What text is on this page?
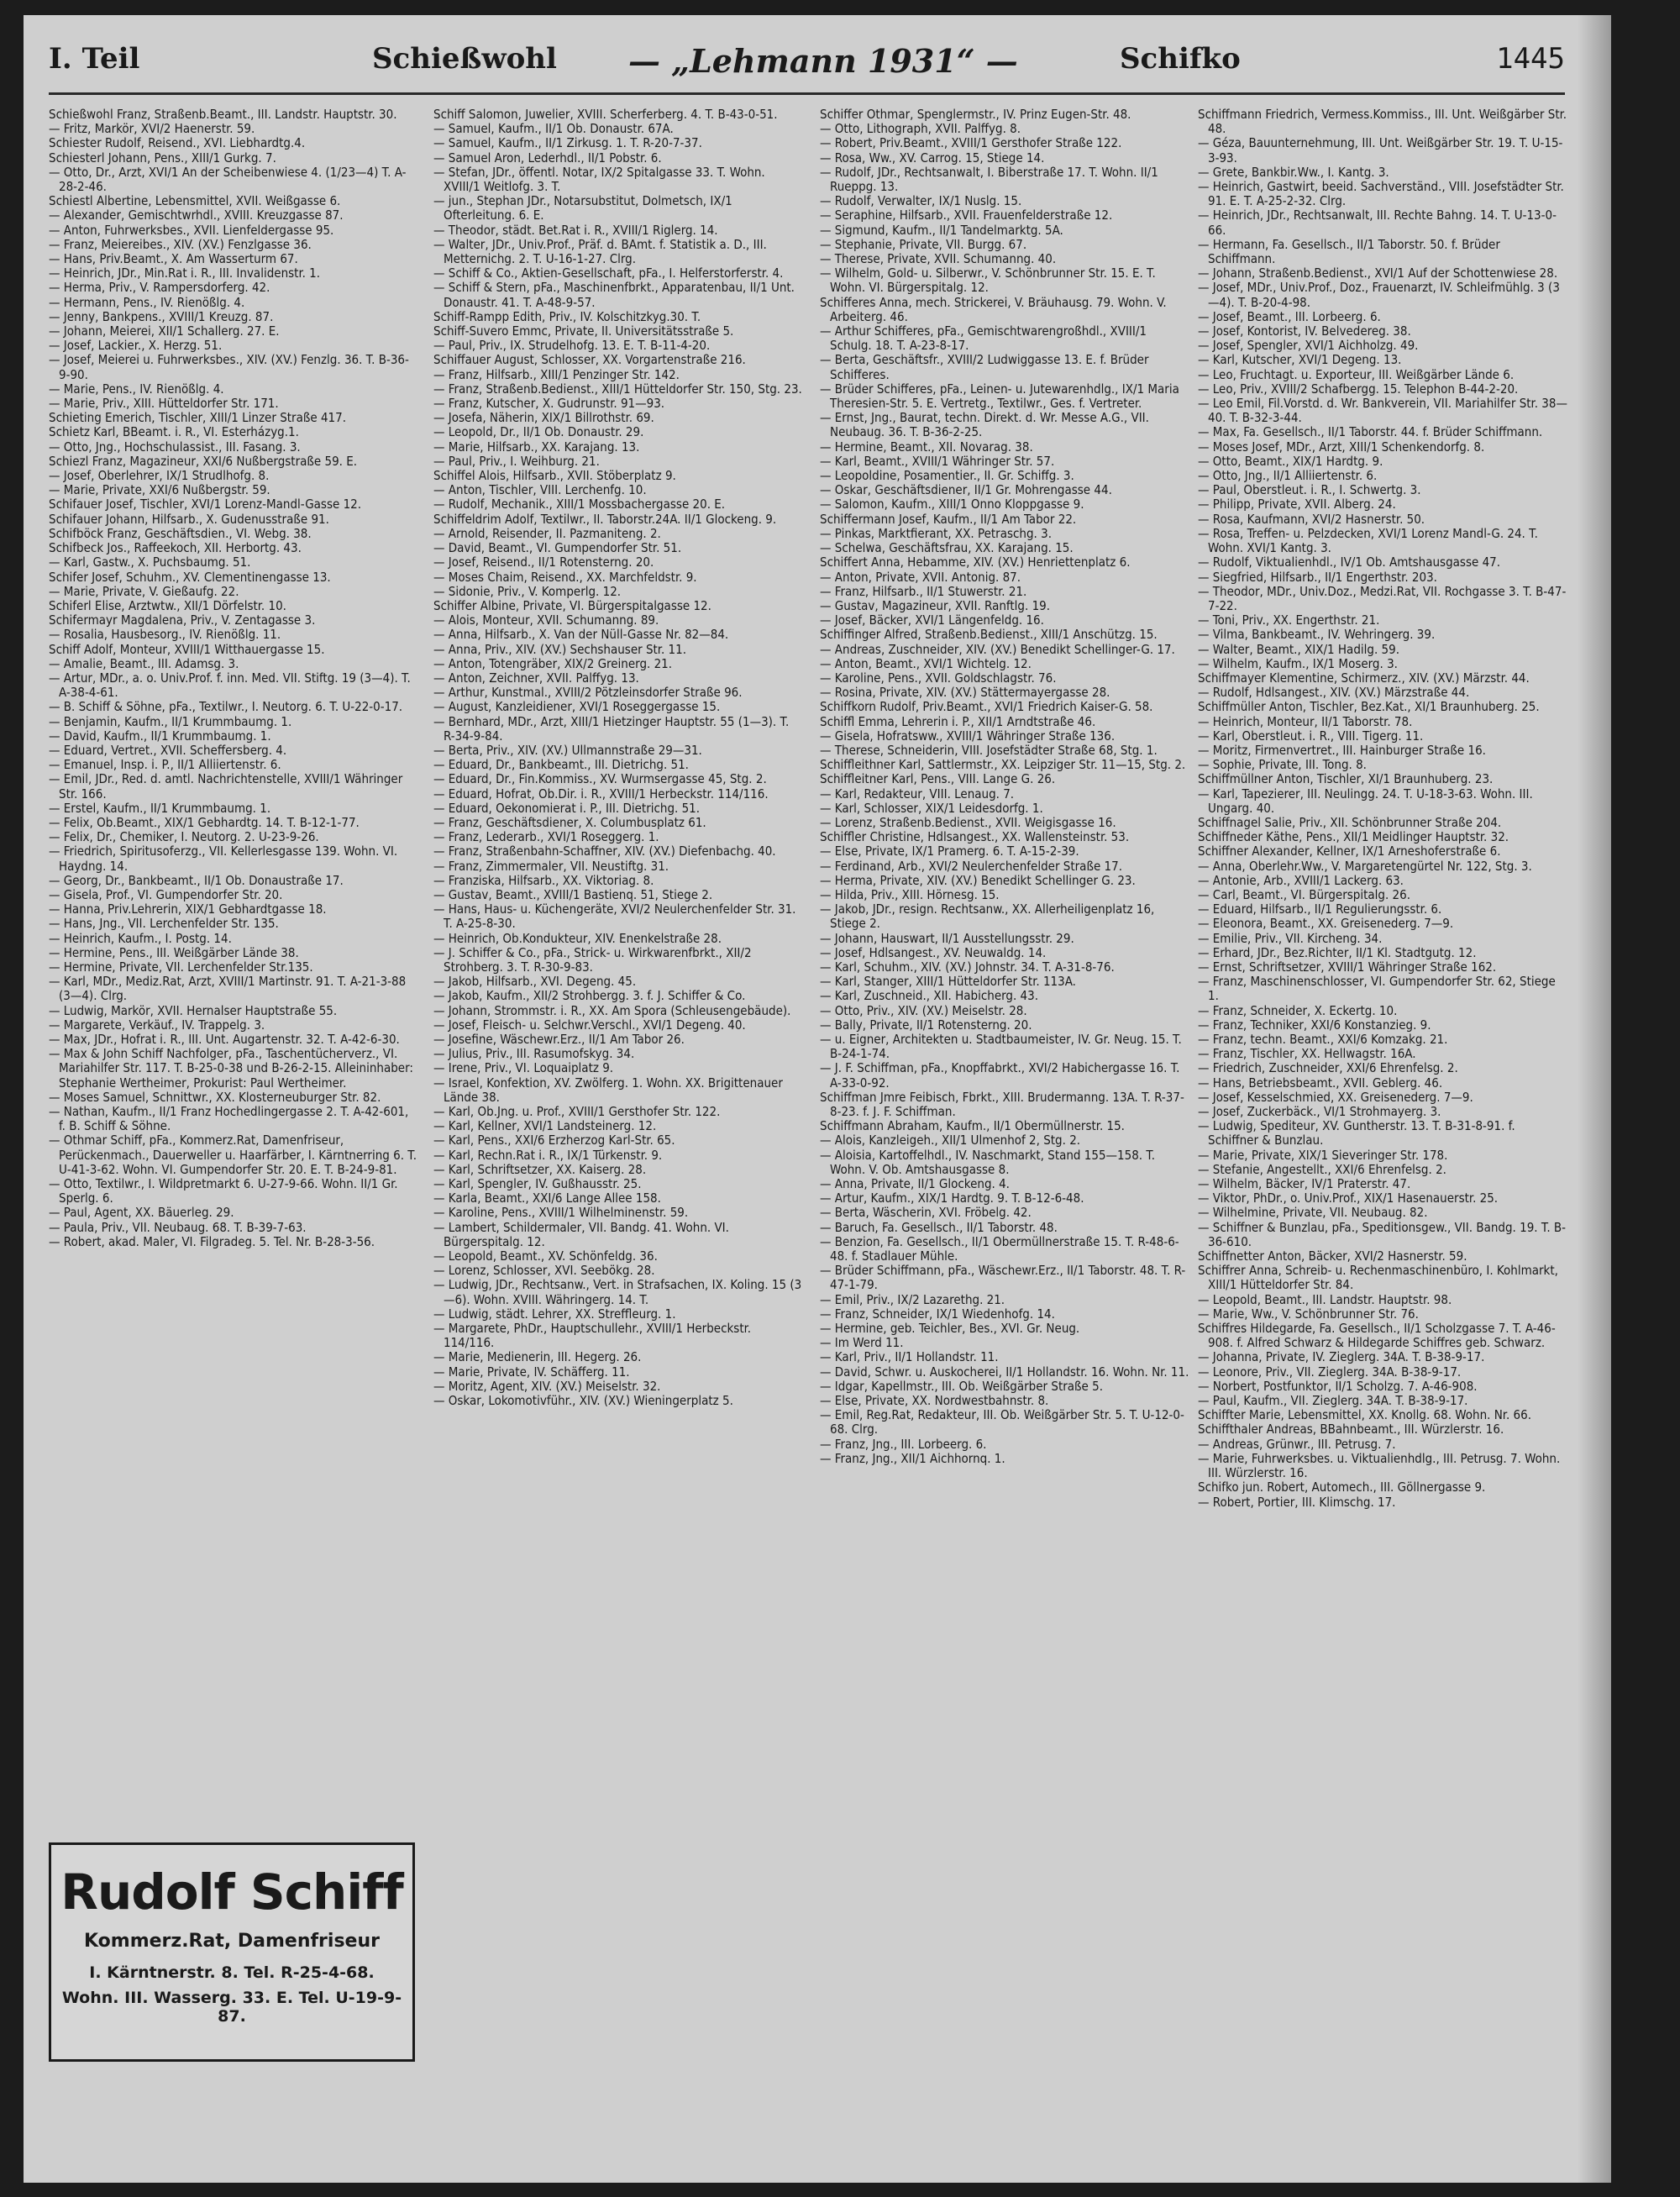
I. Teil	Schießwohl — „Lehmann 1931“ —	Schifko	1445

Schießwohl Franz, Straßenb.Beamt., III. Landstr. Hauptstr. 30.

— Fritz, Markör, XVI/2 Haenerstr. 59.

Schiester Rudolf, Reisend., XVI. Liebhardtg.4.

Schiesterl Johann, Pens., XIII/1 Gurkg. 7.

— Otto, Dr., Arzt, XVI/1 An der Scheibenwiese 4. (1/23—4) T. A-28-2-46.

Schiestl Albertine, Lebensmittel, XVII. Weißgasse 6.

— Alexander, Gemischtwrhdl., XVIII. Kreuzgasse 87.

— Anton, Fuhrwerksbes., XVII. Lienfeldergasse 95.

— Franz, Meiereibes., XIV. (XV.) Fenzlgasse 36.

— Hans, Priv.Beamt., X. Am Wasserturm 67.

— Heinrich, JDr., Min.Rat i. R., III. Invalidenstr. 1.

— Herma, Priv., V. Rampersdorferg. 42.

— Hermann, Pens., IV. Rienößlg. 4.

— Jenny, Bankpens., XVIII/1 Kreuzg. 87.

— Johann, Meierei, XII/1 Schallerg. 27. E.

— Josef, Lackier., X. Herzg. 51.

— Josef, Meierei u. Fuhrwerksbes., XIV. (XV.) Fenzlg. 36. T. B-36-9-90.

— Marie, Pens., IV. Rienößlg. 4.

— Marie, Priv., XIII. Hütteldorfer Str. 171.

Schieting Emerich, Tischler, XIII/1 Linzer Straße 417.

Schietz Karl, BBeamt. i. R., VI. Esterházyg.1.

— Otto, Jng., Hochschulassist., III. Fasang. 3.

Schiezl Franz, Magazineur, XXI/6 Nußbergstraße 59. E.

— Josef, Oberlehrer, IX/1 Strudlhofg. 8.

— Marie, Private, XXI/6 Nußbergstr. 59.

Schifauer Josef, Tischler, XVI/1 Lorenz-Mandl-Gasse 12.

Schifauer Johann, Hilfsarb., X. Gudenusstraße 91.

Schifböck Franz, Geschäftsdien., VI. Webg. 38.

Schifbeck Jos., Raffeekoch, XII. Herbortg. 43.

— Karl, Gastw., X. Puchsbaumg. 51.

Schifer Josef, Schuhm., XV. Clementinengasse 13.

— Marie, Private, V. Gießaufg. 22.

Schiferl Elise, Arztwtw., XII/1 Dörfelstr. 10.

Schifermayr Magdalena, Priv., V. Zentagasse 3.

— Rosalia, Hausbesorg., IV. Rienößlg. 11.

Schiff Adolf, Monteur, XVIII/1 Witthauergasse 15.

— Amalie, Beamt., III. Adamsg. 3.

— Artur, MDr., a. o. Univ.Prof. f. inn. Med. VII. Stiftg. 19 (3—4). T. A-38-4-61.

— B. Schiff & Söhne, pFa., Textilwr., I. Neutorg. 6. T. U-22-0-17.

— Benjamin, Kaufm., II/1 Krummbaumg. 1.

— David, Kaufm., II/1 Krummbaumg. 1.

— Eduard, Vertret., XVII. Scheffersberg. 4.

— Emanuel, Insp. i. P., II/1 Alliiertenstr. 6.

— Emil, JDr., Red. d. amtl. Nachrichtenstelle, XVIII/1 Währinger Str. 166.

— Erstel, Kaufm., II/1 Krummbaumg. 1.

— Felix, Ob.Beamt., XIX/1 Gebhardtg. 14. T. B-12-1-77.

— Felix, Dr., Chemiker, I. Neutorg. 2. U-23-9-26.

— Friedrich, Spiritusoferzg., VII. Kellerlesgasse 139. Wohn. VI. Haydng. 14.

— Georg, Dr., Bankbeamt., II/1 Ob. Donaustraße 17.

— Gisela, Prof., VI. Gumpendorfer Str. 20.

— Hanna, Priv.Lehrerin, XIX/1 Gebhardtgasse 18.

— Hans, Jng., VII. Lerchenfelder Str. 135.

— Heinrich, Kaufm., I. Postg. 14.

— Hermine, Pens., III. Weißgärber Lände 38.

— Hermine, Private, VII. Lerchenfelder Str.135.

— Karl, MDr., Mediz.Rat, Arzt, XVIII/1 Martinstr. 91. T. A-21-3-88 (3—4). Clrg.

— Ludwig, Markör, XVII. Hernalser Hauptstraße 55.

— Margarete, Verkäuf., IV. Trappelg. 3.

— Max, JDr., Hofrat i. R., III. Unt. Augartenstr. 32. T. A-42-6-30.

— Max & John Schiff Nachfolger, pFa., Taschentücherverz., VI. Mariahilfer Str. 117. T. B-25-0-38 und B-26-2-15. Alleininhaber: Stephanie Wertheimer, Prokurist: Paul Wertheimer.

— Moses Samuel, Schnittwr., XX. Klosterneuburger Str. 82.

— Nathan, Kaufm., II/1 Franz Hochedlingergasse 2. T. A-42-601, f. B. Schiff & Söhne.

— Othmar Schiff, pFa., Kommerz.Rat, Damenfriseur, Perückenmach., Dauerweller u. Haarfärber, I. Kärntnerring 6. T. U-41-3-62. Wohn. VI. Gumpendorfer Str. 20. E. T. B-24-9-81.

— Otto, Textilwr., I. Wildpretmarkt 6. U-27-9-66. Wohn. II/1 Gr. Sperlg. 6.

— Paul, Agent, XX. Bäuerleg. 29.

— Paula, Priv., VII. Neubaug. 68. T. B-39-7-63.

— Robert, akad. Maler, VI. Filgradeg. 5. Tel. Nr. B-28-3-56.

Schiff Salomon, Juwelier, XVIII. Scherferberg. 4. T. B-43-0-51.

— Samuel, Kaufm., II/1 Ob. Donaustr. 67A.

— Samuel, Kaufm., II/1 Zirkusg. 1. T. R-20-7-37.

— Samuel Aron, Lederhdl., II/1 Pobstr. 6.

— Stefan, JDr., öffentl. Notar, IX/2 Spitalgasse 33. T. Wohn. XVIII/1 Weitlofg. 3. T.

— jun., Stephan JDr., Notarsubstitut, Dolmetsch, IX/1 Ofterleitung. 6. E.

— Theodor, städt. Bet.Rat i. R., XVIII/1 Riglerg. 14.

— Walter, JDr., Univ.Prof., Präf. d. BAmt. f. Statistik a. D., III. Metternichg. 2. T. U-16-1-27. Clrg.

— Schiff & Co., Aktien-Gesellschaft, pFa., I. Helferstorferstr. 4.

— Schiff & Stern, pFa., Maschinenfbrkt., Apparatenbau, II/1 Unt. Donaustr. 41. T. A-48-9-57.

Schiff-Rampp Edith, Priv., IV. Kolschitzkyg.30. T.

Schiff-Suvero Emmc, Private, II. Universitätsstraße 5.

— Paul, Priv., IX. Strudelhofg. 13. E. T. B-11-4-20.

Schiffauer August, Schlosser, XX. Vorgartenstraße 216.

— Franz, Hilfsarb., XIII/1 Penzinger Str. 142.

— Franz, Straßenb.Bedienst., XIII/1 Hütteldorfer Str. 150, Stg. 23.

— Franz, Kutscher, X. Gudrunstr. 91—93.

— Josefa, Näherin, XIX/1 Billrothstr. 69.

— Leopold, Dr., II/1 Ob. Donaustr. 29.

— Marie, Hilfsarb., XX. Karajang. 13.

— Paul, Priv., I. Weihburg. 21.

Schiffel Alois, Hilfsarb., XVII. Stöberplatz 9.

— Anton, Tischler, VIII. Lerchenfg. 10.

— Rudolf, Mechanik., XIII/1 Mossbachergasse 20. E.

Schiffeldrim Adolf, Textilwr., II. Taborstr.24A. II/1 Glockeng. 9.

— Arnold, Reisender, II. Pazmaniteng. 2.

— David, Beamt., VI. Gumpendorfer Str. 51.

— Josef, Reisend., II/1 Rotensterng. 20.

— Moses Chaim, Reisend., XX. Marchfeldstr. 9.

— Sidonie, Priv., V. Komperlg. 12.

Schiffer Albine, Private, VI. Bürgerspitalgasse 12.

— Alois, Monteur, XVII. Schumanng. 89.

— Anna, Hilfsarb., X. Van der Nüll-Gasse Nr. 82—84.

— Anna, Priv., XIV. (XV.) Sechshauser Str. 11.

— Anton, Totengräber, XIX/2 Greinerg. 21.

— Anton, Zeichner, XVII. Palffyg. 13.

— Arthur, Kunstmal., XVIII/2 Pötzleinsdorfer Straße 96.

— August, Kanzleidiener, XVI/1 Roseggergasse 15.

— Bernhard, MDr., Arzt, XIII/1 Hietzinger Hauptstr. 55 (1—3). T. R-34-9-84.

— Berta, Priv., XIV. (XV.) Ullmannstraße 29—31.

— Eduard, Dr., Bankbeamt., III. Dietrichg. 51.

— Eduard, Dr., Fin.Kommiss., XV. Wurmsergasse 45, Stg. 2.

— Eduard, Hofrat, Ob.Dir. i. R., XVIII/1 Herbeckstr. 114/116.

— Eduard, Oekonomierat i. P., III. Dietrichg. 51.

— Franz, Geschäftsdiener, X. Columbusplatz 61.

— Franz, Lederarb., XVI/1 Roseggerg. 1.

— Franz, Straßenbahn-Schaffner, XIV. (XV.) Diefenbachg. 40.

— Franz, Zimmermaler, VII. Neustiftg. 31.

— Franziska, Hilfsarb., XX. Viktoriag. 8.

— Gustav, Beamt., XVIII/1 Bastienq. 51, Stiege 2.

— Hans, Haus- u. Küchengeräte, XVI/2 Neulerchenfelder Str. 31. T. A-25-8-30.

— Heinrich, Ob.Kondukteur, XIV. Enenkelstraße 28.

— J. Schiffer & Co., pFa., Strick- u. Wirkwarenfbrkt., XII/2 Strohberg. 3. T. R-30-9-83.

— Jakob, Hilfsarb., XVI. Degeng. 45.

— Jakob, Kaufm., XII/2 Strohbergg. 3. f. J. Schiffer & Co.

— Johann, Strommstr. i. R., XX. Am Spora (Schleusengebäude).

— Josef, Fleisch- u. Selchwr.Verschl., XVI/1 Degeng. 40.

— Josefine, Wäschewr.Erz., II/1 Am Tabor 26.

— Julius, Priv., III. Rasumofskyg. 34.

— Irene, Priv., VI. Loquaiplatz 9.

— Israel, Konfektion, XV. Zwölferg. 1. Wohn. XX. Brigittenauer Lände 38.

— Karl, Ob.Jng. u. Prof., XVIII/1 Gersthofer Str. 122.

— Karl, Kellner, XVI/1 Landsteinerg. 12.

— Karl, Pens., XXI/6 Erzherzog Karl-Str. 65.

— Karl, Rechn.Rat i. R., IX/1 Türkenstr. 9.

— Karl, Schriftsetzer, XX. Kaiserg. 28.

— Karl, Spengler, IV. Gußhausstr. 25.

— Karla, Beamt., XXI/6 Lange Allee 158.

— Karoline, Pens., XVIII/1 Wilhelminenstr. 59.

— Lambert, Schildermaler, VII. Bandg. 41. Wohn. VI. Bürgerspitalg. 12.

— Leopold, Beamt., XV. Schönfeldg. 36.

— Lorenz, Schlosser, XVI. Seebökg. 28.

— Ludwig, JDr., Rechtsanw., Vert. in Strafsachen, IX. Koling. 15 (3—6). Wohn. XVIII. Währingerg. 14. T.

— Ludwig, städt. Lehrer, XX. Streffleurg. 1.

— Margarete, PhDr., Hauptschullehr., XVIII/1 Herbeckstr. 114/116.

— Marie, Medienerin, III. Hegerg. 26.

— Marie, Private, IV. Schäfferg. 11.

— Moritz, Agent, XIV. (XV.) Meiselstr. 32.

— Oskar, Lokomotivführ., XIV. (XV.) Wieningerplatz 5.

Schiffer Othmar, Spenglermstr., IV. Prinz Eugen-Str. 48.

— Otto, Lithograph, XVII. Palffyg. 8.

— Robert, Priv.Beamt., XVIII/1 Gersthofer Straße 122.

— Rosa, Ww., XV. Carrog. 15, Stiege 14.

— Rudolf, JDr., Rechtsanwalt, I. Biberstraße 17. T. Wohn. II/1 Rueppg. 13.

— Rudolf, Verwalter, IX/1 Nuslg. 15.

— Seraphine, Hilfsarb., XVII. Frauenfelderstraße 12.

— Sigmund, Kaufm., II/1 Tandelmarktg. 5A.

— Stephanie, Private, VII. Burgg. 67.

— Therese, Private, XVII. Schumanng. 40.

— Wilhelm, Gold- u. Silberwr., V. Schönbrunner Str. 15. E. T. Wohn. VI. Bürgerspitalg. 12.

Schifferes Anna, mech. Strickerei, V. Bräuhausg. 79. Wohn. V. Arbeiterg. 46.

— Arthur Schifferes, pFa., Gemischtwarengroßhdl., XVIII/1 Schulg. 18. T. A-23-8-17.

— Berta, Geschäftsfr., XVIII/2 Ludwiggasse 13. E. f. Brüder Schifferes.

— Brüder Schifferes, pFa., Leinen- u. Jutewarenhdlg., IX/1 Maria Theresien-Str. 5. E. Vertretg., Textilwr., Ges. f. Vertreter.

— Ernst, Jng., Baurat, techn. Direkt. d. Wr. Messe A.G., VII. Neubaug. 36. T. B-36-2-25.

— Hermine, Beamt., XII. Novarag. 38.

— Karl, Beamt., XVIII/1 Währinger Str. 57.

— Leopoldine, Posamentier., II. Gr. Schiffg. 3.

— Oskar, Geschäftsdiener, II/1 Gr. Mohrengasse 44.

— Salomon, Kaufm., XIII/1 Onno Kloppgasse 9.

Schiffermann Josef, Kaufm., II/1 Am Tabor 22.

— Pinkas, Marktfierant, XX. Petraschg. 3.

— Schelwa, Geschäftsfrau, XX. Karajang. 15.

Schiffert Anna, Hebamme, XIV. (XV.) Henriettenplatz 6.

— Anton, Private, XVII. Antonig. 87.

— Franz, Hilfsarb., II/1 Stuwerstr. 21.

— Gustav, Magazineur, XVII. Ranftlg. 19.

— Josef, Bäcker, XVI/1 Längenfeldg. 16.

Schiffinger Alfred, Straßenb.Bedienst., XIII/1 Anschützg. 15.

— Andreas, Zuschneider, XIV. (XV.) Benedikt Schellinger-G. 17.

— Anton, Beamt., XVI/1 Wichtelg. 12.

— Karoline, Pens., XVII. Goldschlagstr. 76.

— Rosina, Private, XIV. (XV.) Stättermayergasse 28.

Schiffkorn Rudolf, Priv.Beamt., XVI/1 Friedrich Kaiser-G. 58.

Schiffl Emma, Lehrerin i. P., XII/1 Arndtstraße 46.

— Gisela, Hofratsww., XVIII/1 Währinger Straße 136.

— Therese, Schneiderin, VIII. Josefstädter Straße 68, Stg. 1.

Schiffleithner Karl, Sattlermstr., XX. Leipziger Str. 11—15, Stg. 2.

Schiffleitner Karl, Pens., VIII. Lange G. 26.

— Karl, Redakteur, VIII. Lenaug. 7.

— Karl, Schlosser, XIX/1 Leidesdorfg. 1.

— Lorenz, Straßenb.Bedienst., XVII. Weigisgasse 16.

Schiffler Christine, Hdlsangest., XX. Wallensteinstr. 53.

— Else, Private, IX/1 Pramerg. 6. T. A-15-2-39.

— Ferdinand, Arb., XVI/2 Neulerchenfelder Straße 17.

— Herma, Private, XIV. (XV.) Benedikt Schellinger G. 23.

— Hilda, Priv., XIII. Hörnesg. 15.

— Jakob, JDr., resign. Rechtsanw., XX. Allerheiligenplatz 16, Stiege 2.

— Johann, Hauswart, II/1 Ausstellungsstr. 29.

— Josef, Hdlsangest., XV. Neuwaldg. 14.

— Karl, Schuhm., XIV. (XV.) Johnstr. 34. T. A-31-8-76.

— Karl, Stanger, XIII/1 Hütteldorfer Str. 113A.

— Karl, Zuschneid., XII. Habicherg. 43.

— Otto, Priv., XIV. (XV.) Meiselstr. 28.

— Bally, Private, II/1 Rotensterng. 20.

— u. Eigner, Architekten u. Stadtbaumeister, IV. Gr. Neug. 15. T. B-24-1-74.

— J. F. Schiffman, pFa., Knopffabrkt., XVI/2 Habichergasse 16. T. A-33-0-92.

Schiffman Jmre Feibisch, Fbrkt., XIII. Brudermanng. 13A. T. R-37-8-23. f. J. F. Schiffman.

Schiffmann Abraham, Kaufm., II/1 Obermüllnerstr. 15.

— Alois, Kanzleigeh., XII/1 Ulmenhof 2, Stg. 2.

— Aloisia, Kartoffelhdl., IV. Naschmarkt, Stand 155—158. T. Wohn. V. Ob. Amtshausgasse 8.

— Anna, Private, II/1 Glockeng. 4.

— Artur, Kaufm., XIX/1 Hardtg. 9. T. B-12-6-48.

— Berta, Wäscherin, XVI. Fröbelg. 42.

— Baruch, Fa. Gesellsch., II/1 Taborstr. 48.

— Benzion, Fa. Gesellsch., II/1 Obermüllnerstraße 15. T. R-48-6-48. f. Stadlauer Mühle.

— Brüder Schiffmann, pFa., Wäschewr.Erz., II/1 Taborstr. 48. T. R-47-1-79.

— Emil, Priv., IX/2 Lazarethg. 21.

— Franz, Schneider, IX/1 Wiedenhofg. 14.

— Hermine, geb. Teichler, Bes., XVI. Gr. Neug.

— Im Werd 11.

— Karl, Priv., II/1 Hollandstr. 11.

— David, Schwr. u. Auskocherei, II/1 Hollandstr. 16. Wohn. Nr. 11.

— Idgar, Kapellmstr., III. Ob. Weißgärber Straße 5.

— Else, Private, XX. Nordwestbahnstr. 8.

— Emil, Reg.Rat, Redakteur, III. Ob. Weißgärber Str. 5. T. U-12-0-68. Clrg.

— Franz, Jng., III. Lorbeerg. 6.

— Franz, Jng., XII/1 Aichhornq. 1.

Schiffmann Friedrich, Vermess.Kommiss., III. Unt. Weißgärber Str. 48.

— Géza, Bauunternehmung, III. Unt. Weißgärber Str. 19. T. U-15-3-93.

— Grete, Bankbir.Ww., I. Kantg. 3.

— Heinrich, Gastwirt, beeid. Sachverständ., VIII. Josefstädter Str. 91. E. T. A-25-2-32. Clrg.

— Heinrich, JDr., Rechtsanwalt, III. Rechte Bahng. 14. T. U-13-0-66.

— Hermann, Fa. Gesellsch., II/1 Taborstr. 50. f. Brüder Schiffmann.

— Johann, Straßenb.Bedienst., XVI/1 Auf der Schottenwiese 28.

— Josef, MDr., Univ.Prof., Doz., Frauenarzt, IV. Schleifmühlg. 3 (3—4). T. B-20-4-98.

— Josef, Beamt., III. Lorbeerg. 6.

— Josef, Kontorist, IV. Belvedereg. 38.

— Josef, Spengler, XVI/1 Aichholzg. 49.

— Karl, Kutscher, XVI/1 Degeng. 13.

— Leo, Fruchtagt. u. Exporteur, III. Weißgärber Lände 6.

— Leo, Priv., XVIII/2 Schafbergg. 15. Telephon B-44-2-20.

— Leo Emil, Fil.Vorstd. d. Wr. Bankverein, VII. Mariahilfer Str. 38—40. T. B-32-3-44.

— Max, Fa. Gesellsch., II/1 Taborstr. 44. f. Brüder Schiffmann.

— Moses Josef, MDr., Arzt, XIII/1 Schenkendorfg. 8.

— Otto, Beamt., XIX/1 Hardtg. 9.

— Otto, Jng., II/1 Alliiertenstr. 6.

— Paul, Oberstleut. i. R., I. Schwertg. 3.

— Philipp, Private, XVII. Alberg. 24.

— Rosa, Kaufmann, XVI/2 Hasnerstr. 50.

— Rosa, Treffen- u. Pelzdecken, XVI/1 Lorenz Mandl-G. 24. T. Wohn. XVI/1 Kantg. 3.

— Rudolf, Viktualienhdl., IV/1 Ob. Amtshausgasse 47.

— Siegfried, Hilfsarb., II/1 Engerthstr. 203.

— Theodor, MDr., Univ.Doz., Medzi.Rat, VII. Rochgasse 3. T. B-47-7-22.

— Toni, Priv., XX. Engerthstr. 21.

— Vilma, Bankbeamt., IV. Wehringerg. 39.

— Walter, Beamt., XIX/1 Hadilg. 59.

— Wilhelm, Kaufm., IX/1 Moserg. 3.

Schiffmayer Klementine, Schirmerz., XIV. (XV.) Märzstr. 44.

— Rudolf, Hdlsangest., XIV. (XV.) Märzstraße 44.

Schiffmüller Anton, Tischler, Bez.Kat., XI/1 Braunhuberg. 25.

— Heinrich, Monteur, II/1 Taborstr. 78.

— Karl, Oberstleut. i. R., VIII. Tigerg. 11.

— Moritz, Firmenvertret., III. Hainburger Straße 16.

— Sophie, Private, III. Tong. 8.

Schiffmüllner Anton, Tischler, XI/1 Braunhuberg. 23.

— Karl, Tapezierer, III. Neulingg. 24. T. U-18-3-63. Wohn. III. Ungarg. 40.

Schiffnagel Salie, Priv., XII. Schönbrunner Straße 204.

Schiffneder Käthe, Pens., XII/1 Meidlinger Hauptstr. 32.

Schiffner Alexander, Kellner, IX/1 Arneshoferstraße 6.

— Anna, Oberlehr.Ww., V. Margaretengürtel Nr. 122, Stg. 3.

— Antonie, Arb., XVIII/1 Lackerg. 63.

— Carl, Beamt., VI. Bürgerspitalg. 26.

— Eduard, Hilfsarb., II/1 Regulierungsstr. 6.

— Eleonora, Beamt., XX. Greisenederg. 7—9.

— Emilie, Priv., VII. Kircheng. 34.

— Erhard, JDr., Bez.Richter, II/1 Kl. Stadtgutg. 12.

— Ernst, Schriftsetzer, XVIII/1 Währinger Straße 162.

— Franz, Maschinenschlosser, VI. Gumpendorfer Str. 62, Stiege 1.

— Franz, Schneider, X. Eckertg. 10.

— Franz, Techniker, XXI/6 Konstanzieg. 9.

— Franz, techn. Beamt., XXI/6 Komzakg. 21.

— Franz, Tischler, XX. Hellwagstr. 16A.

— Friedrich, Zuschneider, XXI/6 Ehrenfelsg. 2.

— Hans, Betriebsbeamt., XVII. Geblerg. 46.

— Josef, Kesselschmied, XX. Greisenederg. 7—9.

— Josef, Zuckerbäck., VI/1 Strohmayerg. 3.

— Ludwig, Spediteur, XV. Guntherstr. 13. T. B-31-8-91. f. Schiffner & Bunzlau.

— Marie, Private, XIX/1 Sieveringer Str. 178.

— Stefanie, Angestellt., XXI/6 Ehrenfelsg. 2.

— Wilhelm, Bäcker, IV/1 Praterstr. 47.

— Viktor, PhDr., o. Univ.Prof., XIX/1 Hasenauerstr. 25.

— Wilhelmine, Private, VII. Neubaug. 82.

— Schiffner & Bunzlau, pFa., Speditionsgew., VII. Bandg. 19. T. B-36-610.

Schiffnetter Anton, Bäcker, XVI/2 Hasnerstr. 59.

Schiffrer Anna, Schreib- u. Rechenmaschinenbüro, I. Kohlmarkt, XIII/1 Hütteldorfer Str. 84.

— Leopold, Beamt., III. Landstr. Hauptstr. 98.

— Marie, Ww., V. Schönbrunner Str. 76.

Schiffres Hildegarde, Fa. Gesellsch., II/1 Scholzgasse 7. T. A-46-908. f. Alfred Schwarz & Hildegarde Schiffres geb. Schwarz.

— Johanna, Private, IV. Zieglerg. 34A. T. B-38-9-17.

— Leonore, Priv., VII. Zieglerg. 34A. B-38-9-17.

— Norbert, Postfunktor, II/1 Scholzg. 7. A-46-908.

— Paul, Kaufm., VII. Zieglerg. 34A. T. B-38-9-17.

Schiffter Marie, Lebensmittel, XX. Knollg. 68. Wohn. Nr. 66.

Schiffthaler Andreas, BBahnbeamt., III. Würzlerstr. 16.

— Andreas, Grünwr., III. Petrusg. 7.

— Marie, Fuhrwerksbes. u. Viktualienhdlg., III. Petrusg. 7. Wohn. III. Würzlerstr. 16.

Schifko jun. Robert, Automech., III. Göllnergasse 9.

— Robert, Portier, III. Klimschg. 17.

Rudolf Schiff
Kommerz.Rat, Damenfriseur
I. Kärntnerstr. 8. Tel. R-25-4-68.
Wohn. III. Wasserg. 33. E. Tel. U-19-9-87.
